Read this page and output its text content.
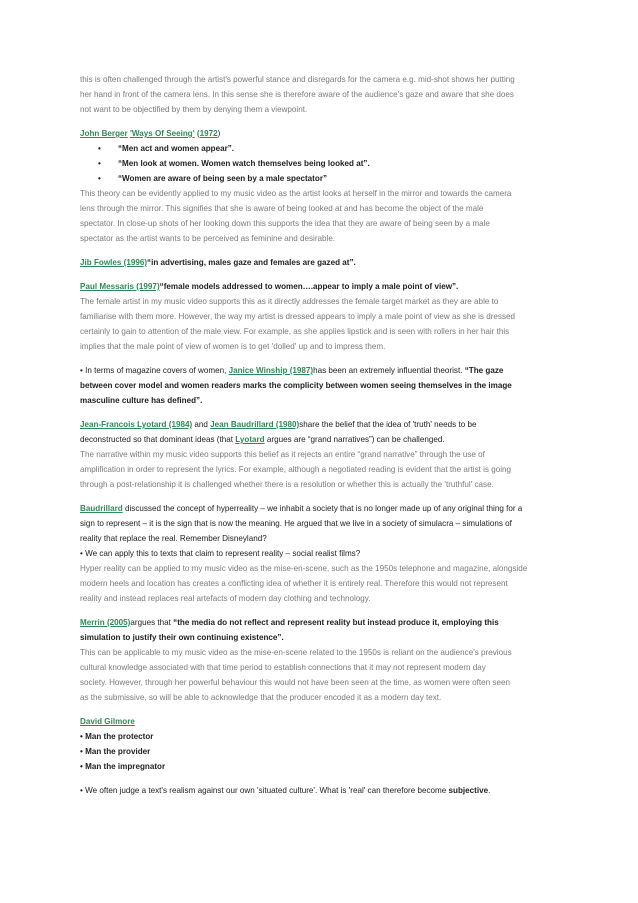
this is often challenged through the artist's powerful stance and disregards for the camera e.g. mid-shot shows her putting

her hand in front of the camera lens. In this sense she is therefore aware of the audience's gaze and aware that she does

not want to be objectified by them by denying them a viewpoint.

John Berger 'Ways Of Seeing' (1972)

• “Men act and women appear”.
• “Men look at women. Women watch themselves being looked at”.
• “Women are aware of being seen by a male spectator”

This theory can be evidently applied to my music video as the artist looks at herself in the mirror and towards the camera

lens through the mirror. This signifies that she is aware of being looked at and has become the object of the male

spectator. In close-up shots of her looking down this supports the idea that they are aware of being seen by a male

spectator as the artist wants to be perceived as feminine and desirable.

Jib Fowles (1996)“in advertising, males gaze and females are gazed at”.

Paul Messaris (1997)“female models addressed to women….appear to imply a male point of view”.

The female artist in my music video supports this as it directly addresses the female target market as they are able to

familiarise with them more. However, the way my artist is dressed appears to imply a male point of view as she is dressed

certainly to gain to attention of the male view. For example, as she applies lipstick and is seen with rollers in her hair this

implies that the male point of view of women is to get 'dolled' up and to impress them.

• In terms of magazine covers of women, Janice Winship (1987)has been an extremely influential theorist. “The gaze

between cover model and women readers marks the complicity between women seeing themselves in the image

masculine culture has defined”.

Jean-Francois Lyotard (1984) and Jean Baudrillard (1980)share the belief that the idea of 'truth' needs to be

deconstructed so that dominant ideas (that Lyotard argues are “grand narratives”) can be challenged.

The narrative within my music video supports this belief as it rejects an entire “grand narrative” through the use of

amplification in order to represent the lyrics. For example, although a negotiated reading is evident that the artist is going

through a post-relationship it is challenged whether there is a resolution or whether this is actually the 'truthful' case.

Baudrillard discussed the concept of hyperreality – we inhabit a society that is no longer made up of any original thing for a

sign to represent – it is the sign that is now the meaning. He argued that we live in a society of simulacra – simulations of

reality that replace the real. Remember Disneyland?

• We can apply this to texts that claim to represent reality – social realist films?

Hyper reality can be applied to my music video as the mise-en-scene, such as the 1950s telephone and magazine, alongside

modern heels and location has creates a conflicting idea of whether it is entirely real. Therefore this would not represent

reality and instead replaces real artefacts of modern day clothing and technology.

Merrin (2005)argues that “the media do not reflect and represent reality but instead produce it, employing this

simulation to justify their own continuing existence”.

This can be applicable to my music video as the mise-en-scene related to the 1950s is reliant on the audience's previous

cultural knowledge associated with that time period to establish connections that it may not represent modern day

society. However, through her powerful behaviour this would not have been seen at the time, as women were often seen

as the submissive, so will be able to acknowledge that the producer encoded it as a modern day text.

David Gilmore

• Man the protector

• Man the provider

• Man the impregnator

• We often judge a text's realism against our own 'situated culture'. What is 'real' can therefore become subjective.
